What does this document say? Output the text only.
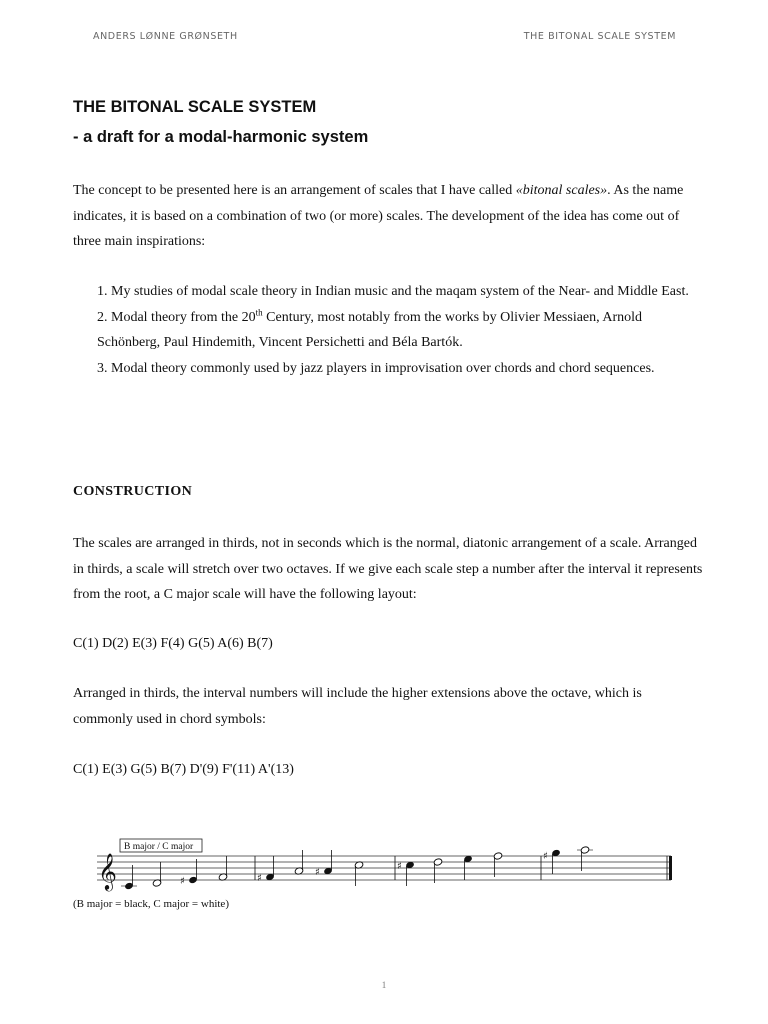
ANDERS LØNNE GRØNSETH	THE BITONAL SCALE SYSTEM
THE BITONAL SCALE SYSTEM
- a draft for a modal-harmonic system

The concept to be presented here is an arrangement of scales that I have called «bitonal scales». As the name indicates, it is based on a combination of two (or more) scales. The development of the idea has come out of three main inspirations:

1. My studies of modal scale theory in Indian music and the maqam system of the Near- and Middle East.
2. Modal theory from the 20th Century, most notably from the works by Olivier Messiaen, Arnold Schönberg, Paul Hindemith, Vincent Persichetti and Béla Bartók.
3. Modal theory commonly used by jazz players in improvisation over chords and chord sequences.
CONSTRUCTION

The scales are arranged in thirds, not in seconds which is the normal, diatonic arrangement of a scale. Arranged in thirds, a scale will stretch over two octaves. If we give each scale step a number after the interval it represents from the root, a C major scale will have the following layout:

C(1) D(2) E(3) F(4) G(5) A(6) B(7)

Arranged in thirds, the interval numbers will include the higher extensions above the octave, which is commonly used in chord symbols:

C(1) E(3) G(5) B(7) D'(9) F'(11) A'(13)
B major / C major
𝄞	♯	♯
♯
♯
♯
(B major = black, C major = white)
1
